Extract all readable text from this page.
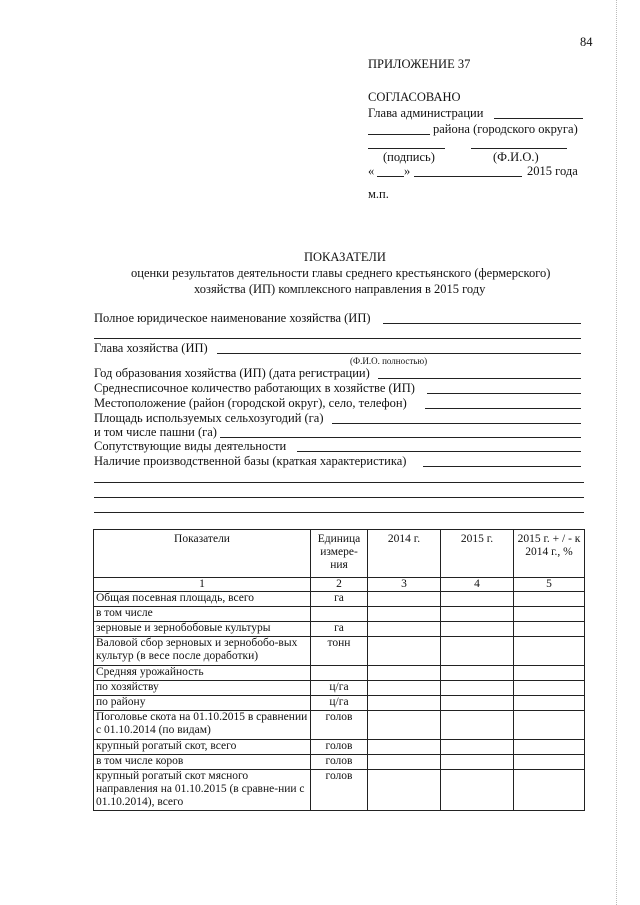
84
ПРИЛОЖЕНИЕ 37
СОГЛАСОВАНО
Глава администрации
района (городского округа)
(подпись)	(Ф.И.О.)
« »	2015 года
м.п.
ПОКАЗАТЕЛИ
оценки результатов деятельности главы среднего крестьянского (фермерского)
хозяйства (ИП) комплексного направления в 2015 году
Полное юридическое наименование хозяйства (ИП)
Глава хозяйства (ИП)
(Ф.И.О. полностью)
Год образования хозяйства (ИП) (дата регистрации)
Среднесписочное количество работающих в хозяйстве (ИП)
Местоположение (район (городской округ), село, телефон)
Площадь используемых сельхозугодий (га)
и том числе пашни (га)
Сопутствующие виды деятельности
Наличие производственной базы (краткая характеристика)
Показатели	Единица измере-ния	2014 г.	2015 г.	2015 г. + / - к 2014 г., %
1	2	3	4	5
Общая посевная площадь, всего	га			
в том числе				
зерновые и зернобобовые культуры	га			
Валовой сбор зерновых и зернобобо-вых культур (в весе после доработки)	тонн			
Средняя урожайность				
по хозяйству	ц/га			
по району	ц/га			
Поголовье скота на 01.10.2015 в сравнении с 01.10.2014 (по видам)	голов			
крупный рогатый скот, всего	голов			
в том числе коров	голов			
крупный рогатый скот мясного направления на 01.10.2015 (в сравне-нии с 01.10.2014), всего	голов			
